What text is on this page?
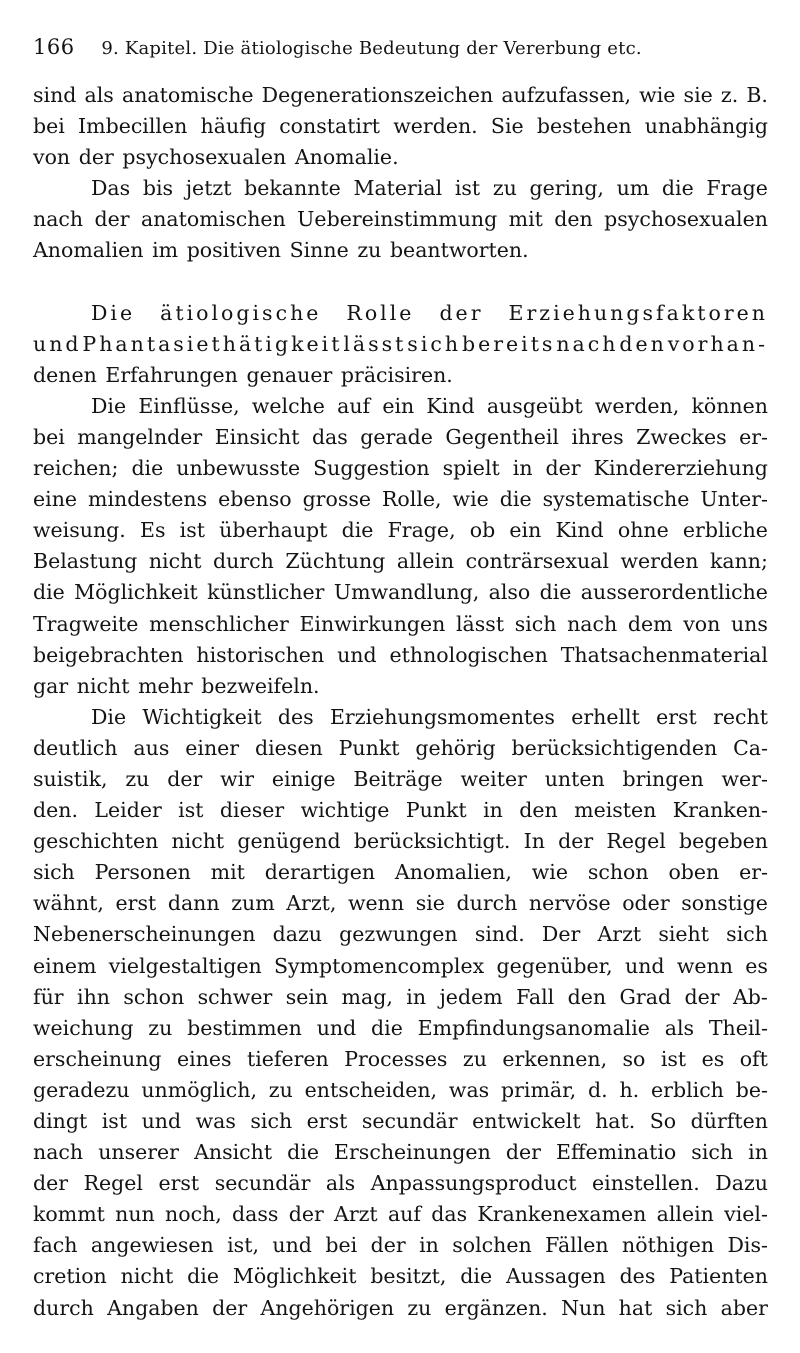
166 9. Kapitel. Die ätiologische Bedeutung der Vererbung etc.
sind als anatomische Degenerationszeichen aufzufassen, wie sie z. B.
bei Imbecillen häufig constatirt werden. Sie bestehen unabhängig
von der psychosexualen Anomalie.
Das bis jetzt bekannte Material ist zu gering, um die Frage
nach der anatomischen Uebereinstimmung mit den psychosexualen
Anomalien im positiven Sinne zu beantworten.
Die ätiologische Rolle der Erziehungsfaktoren
und Phantasiethätigkeit lässt sich bereits nach den vorhan-
denen Erfahrungen genauer präcisiren.
Die Einflüsse, welche auf ein Kind ausgeübt werden, können
bei mangelnder Einsicht das gerade Gegentheil ihres Zweckes er-
reichen; die unbewusste Suggestion spielt in der Kindererziehung
eine mindestens ebenso grosse Rolle, wie die systematische Unter-
weisung. Es ist überhaupt die Frage, ob ein Kind ohne erbliche
Belastung nicht durch Züchtung allein conträrsexual werden kann;
die Möglichkeit künstlicher Umwandlung, also die ausserordentliche
Tragweite menschlicher Einwirkungen lässt sich nach dem von uns
beigebrachten historischen und ethnologischen Thatsachenmaterial
gar nicht mehr bezweifeln.
Die Wichtigkeit des Erziehungsmomentes erhellt erst recht
deutlich aus einer diesen Punkt gehörig berücksichtigenden Ca-
suistik, zu der wir einige Beiträge weiter unten bringen wer-
den. Leider ist dieser wichtige Punkt in den meisten Kranken-
geschichten nicht genügend berücksichtigt. In der Regel begeben
sich Personen mit derartigen Anomalien, wie schon oben er-
wähnt, erst dann zum Arzt, wenn sie durch nervöse oder sonstige
Nebenerscheinungen dazu gezwungen sind. Der Arzt sieht sich
einem vielgestaltigen Symptomencomplex gegenüber, und wenn es
für ihn schon schwer sein mag, in jedem Fall den Grad der Ab-
weichung zu bestimmen und die Empfindungsanomalie als Theil-
erscheinung eines tieferen Processes zu erkennen, so ist es oft
geradezu unmöglich, zu entscheiden, was primär, d. h. erblich be-
dingt ist und was sich erst secundär entwickelt hat. So dürften
nach unserer Ansicht die Erscheinungen der Effeminatio sich in
der Regel erst secundär als Anpassungsproduct einstellen. Dazu
kommt nun noch, dass der Arzt auf das Krankenexamen allein viel-
fach angewiesen ist, und bei der in solchen Fällen nöthigen Dis-
cretion nicht die Möglichkeit besitzt, die Aussagen des Patienten
durch Angaben der Angehörigen zu ergänzen. Nun hat sich aber
